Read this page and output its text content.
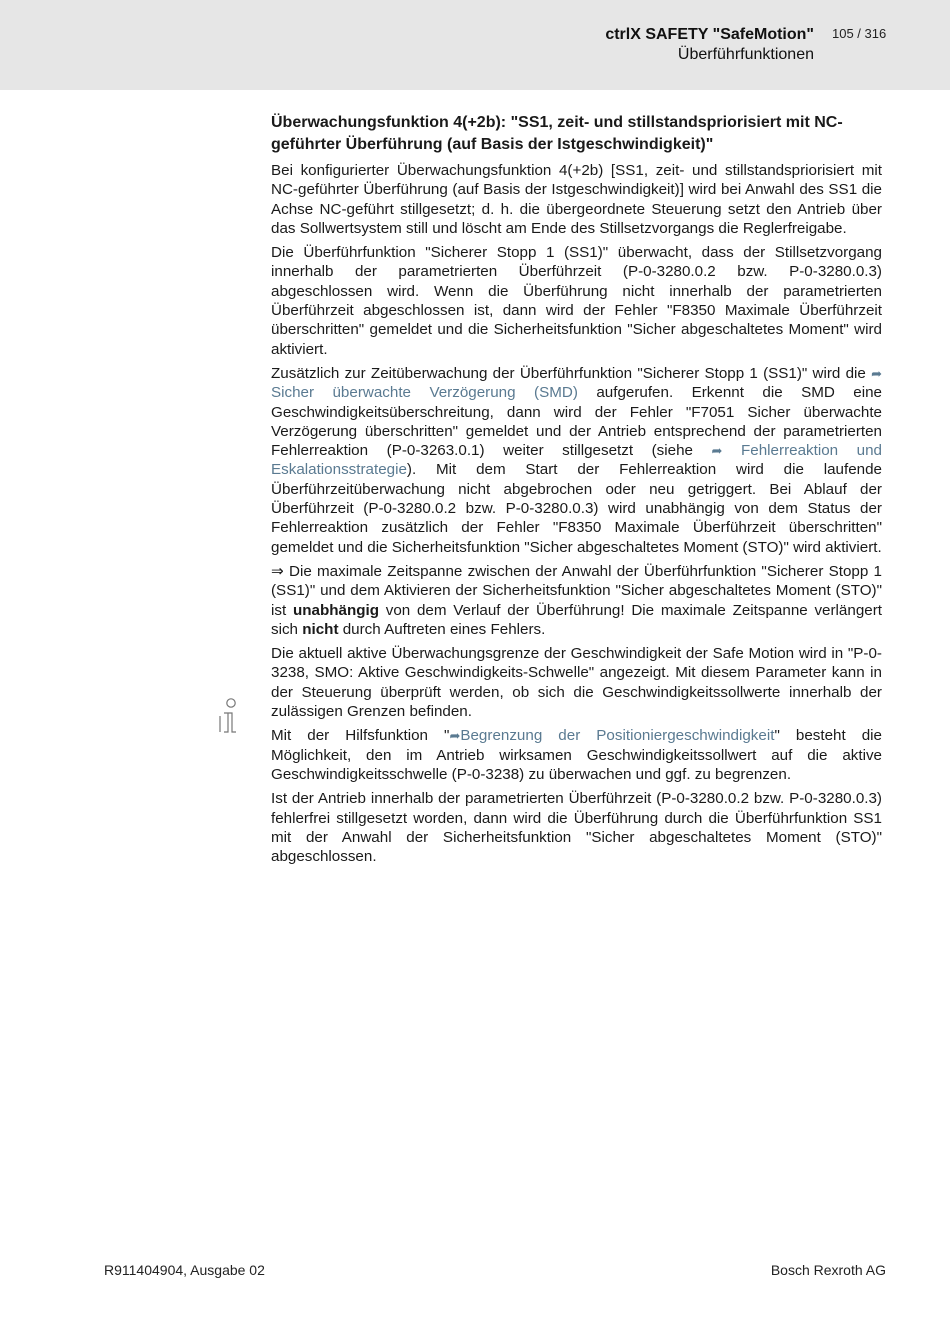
ctrlX SAFETY "SafeMotion"
Überführfunktionen
105 / 316
Überwachungsfunktion 4(+2b): "SS1, zeit- und stillstandspriorisiert mit NC-geführter Überführung (auf Basis der Istgeschwindigkeit)"

Bei konfigurierter Überwachungsfunktion 4(+2b) [SS1, zeit- und stillstandspriorisiert mit NC-geführter Überführung (auf Basis der Istgeschwindigkeit)] wird bei Anwahl des SS1 die Achse NC-geführt stillgesetzt; d. h. die übergeordnete Steuerung setzt den Antrieb über das Sollwertsystem still und löscht am Ende des Stillsetzvorgangs die Reglerfreigabe.

Die Überführfunktion "Sicherer Stopp 1 (SS1)" überwacht, dass der Stillsetzvorgang innerhalb der parametrierten Überführzeit (P-0-3280.0.2 bzw. P-0-3280.0.3) abgeschlossen wird. Wenn die Überführung nicht innerhalb der parametrierten Überführzeit abgeschlossen ist, dann wird der Fehler "F8350 Maximale Überführzeit überschritten" gemeldet und die Sicherheitsfunktion "Sicher abgeschaltetes Moment" wird aktiviert.

Zusätzlich zur Zeitüberwachung der Überführfunktion "Sicherer Stopp 1 (SS1)" wird die ➦ Sicher überwachte Verzögerung (SMD) aufgerufen. Erkennt die SMD eine Geschwindigkeitsüberschreitung, dann wird der Fehler "F7051 Sicher überwachte Verzögerung überschritten" gemeldet und der Antrieb entsprechend der parametrierten Fehlerreaktion (P-0-3263.0.1) weiter stillgesetzt (siehe ➦ Fehlerreaktion und Eskalationsstrategie). Mit dem Start der Fehlerreaktion wird die laufende Überführzeitüberwachung nicht abgebrochen oder neu getriggert. Bei Ablauf der Überführzeit (P-0-3280.0.2 bzw. P-0-3280.0.3) wird unabhängig von dem Status der Fehlerreaktion zusätzlich der Fehler "F8350 Maximale Überführzeit überschritten" gemeldet und die Sicherheitsfunktion "Sicher abgeschaltetes Moment (STO)" wird aktiviert.

⇒ Die maximale Zeitspanne zwischen der Anwahl der Überführfunktion "Sicherer Stopp 1 (SS1)" und dem Aktivieren der Sicherheitsfunktion "Sicher abgeschaltetes Moment (STO)" ist unabhängig von dem Verlauf der Überführung! Die maximale Zeitspanne verlängert sich nicht durch Auftreten eines Fehlers.

Die aktuell aktive Überwachungsgrenze der Geschwindigkeit der Safe Motion wird in "P-0-3238, SMO: Aktive Geschwindigkeits-Schwelle" angezeigt. Mit diesem Parameter kann in der Steuerung überprüft werden, ob sich die Geschwindigkeitssollwerte innerhalb der zulässigen Grenzen befinden.

Mit der Hilfsfunktion "➦Begrenzung der Positioniergeschwindigkeit" besteht die Möglichkeit, den im Antrieb wirksamen Geschwindigkeitssollwert auf die aktive Geschwindigkeitsschwelle (P-0-3238) zu überwachen und ggf. zu begrenzen.

Ist der Antrieb innerhalb der parametrierten Überführzeit (P-0-3280.0.2 bzw. P-0-3280.0.3) fehlerfrei stillgesetzt worden, dann wird die Überführung durch die Überführfunktion SS1 mit der Anwahl der Sicherheitsfunktion "Sicher abgeschaltetes Moment (STO)" abgeschlossen.

R911404904, Ausgabe 02	Bosch Rexroth AG
